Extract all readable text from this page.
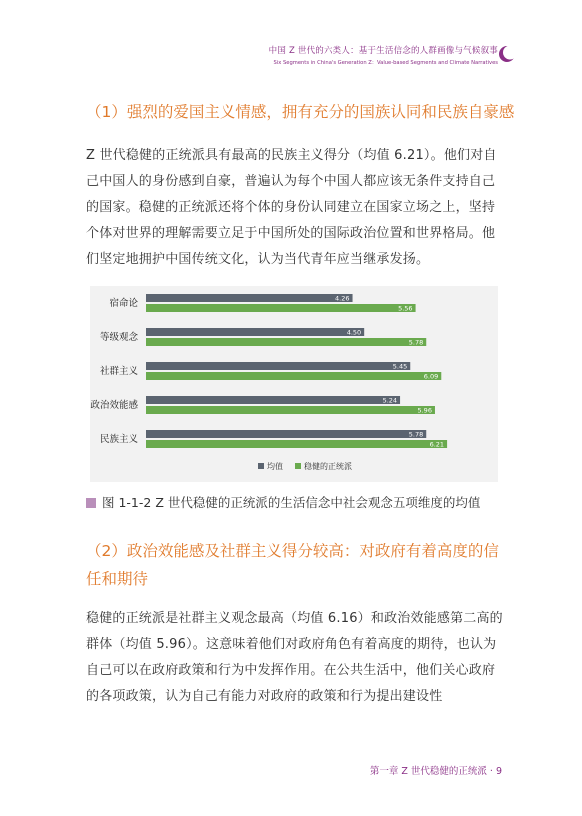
中国 Z 世代的六类人：基于生活信念的人群画像与气候叙事
Six Segments in China's Generation Z：Value-based Segments and Climate Narratives
（1）强烈的爱国主义情感，拥有充分的国族认同和民族自豪感
Z 世代稳健的正统派具有最高的民族主义得分（均值 6.21）。他们对自己中国人的身份感到自豪，普遍认为每个中国人都应该无条件支持自己的国家。稳健的正统派还将个体的身份认同建立在国家立场之上，坚持个体对世界的理解需要立足于中国所处的国际政治位置和世界格局。他们坚定地拥护中国传统文化，认为当代青年应当继承发扬。
宿命论	4.26
5.56
等级观念	4.50
5.78
社群主义	5.45
6.09
政治效能感	5.24
5.96
民族主义	5.78
6.21
均值	稳健的正统派
图 1-1-2 Z 世代稳健的正统派的生活信念中社会观念五项维度的均值
（2）政治效能感及社群主义得分较高：对政府有着高度的信任和期待
稳健的正统派是社群主义观念最高（均值 6.16）和政治效能感第二高的群体（均值 5.96）。这意味着他们对政府角色有着高度的期待，也认为自己可以在政府政策和行为中发挥作用。在公共生活中，他们关心政府的各项政策，认为自己有能力对政府的政策和行为提出建设性
第一章 Z 世代稳健的正统派 · 9
